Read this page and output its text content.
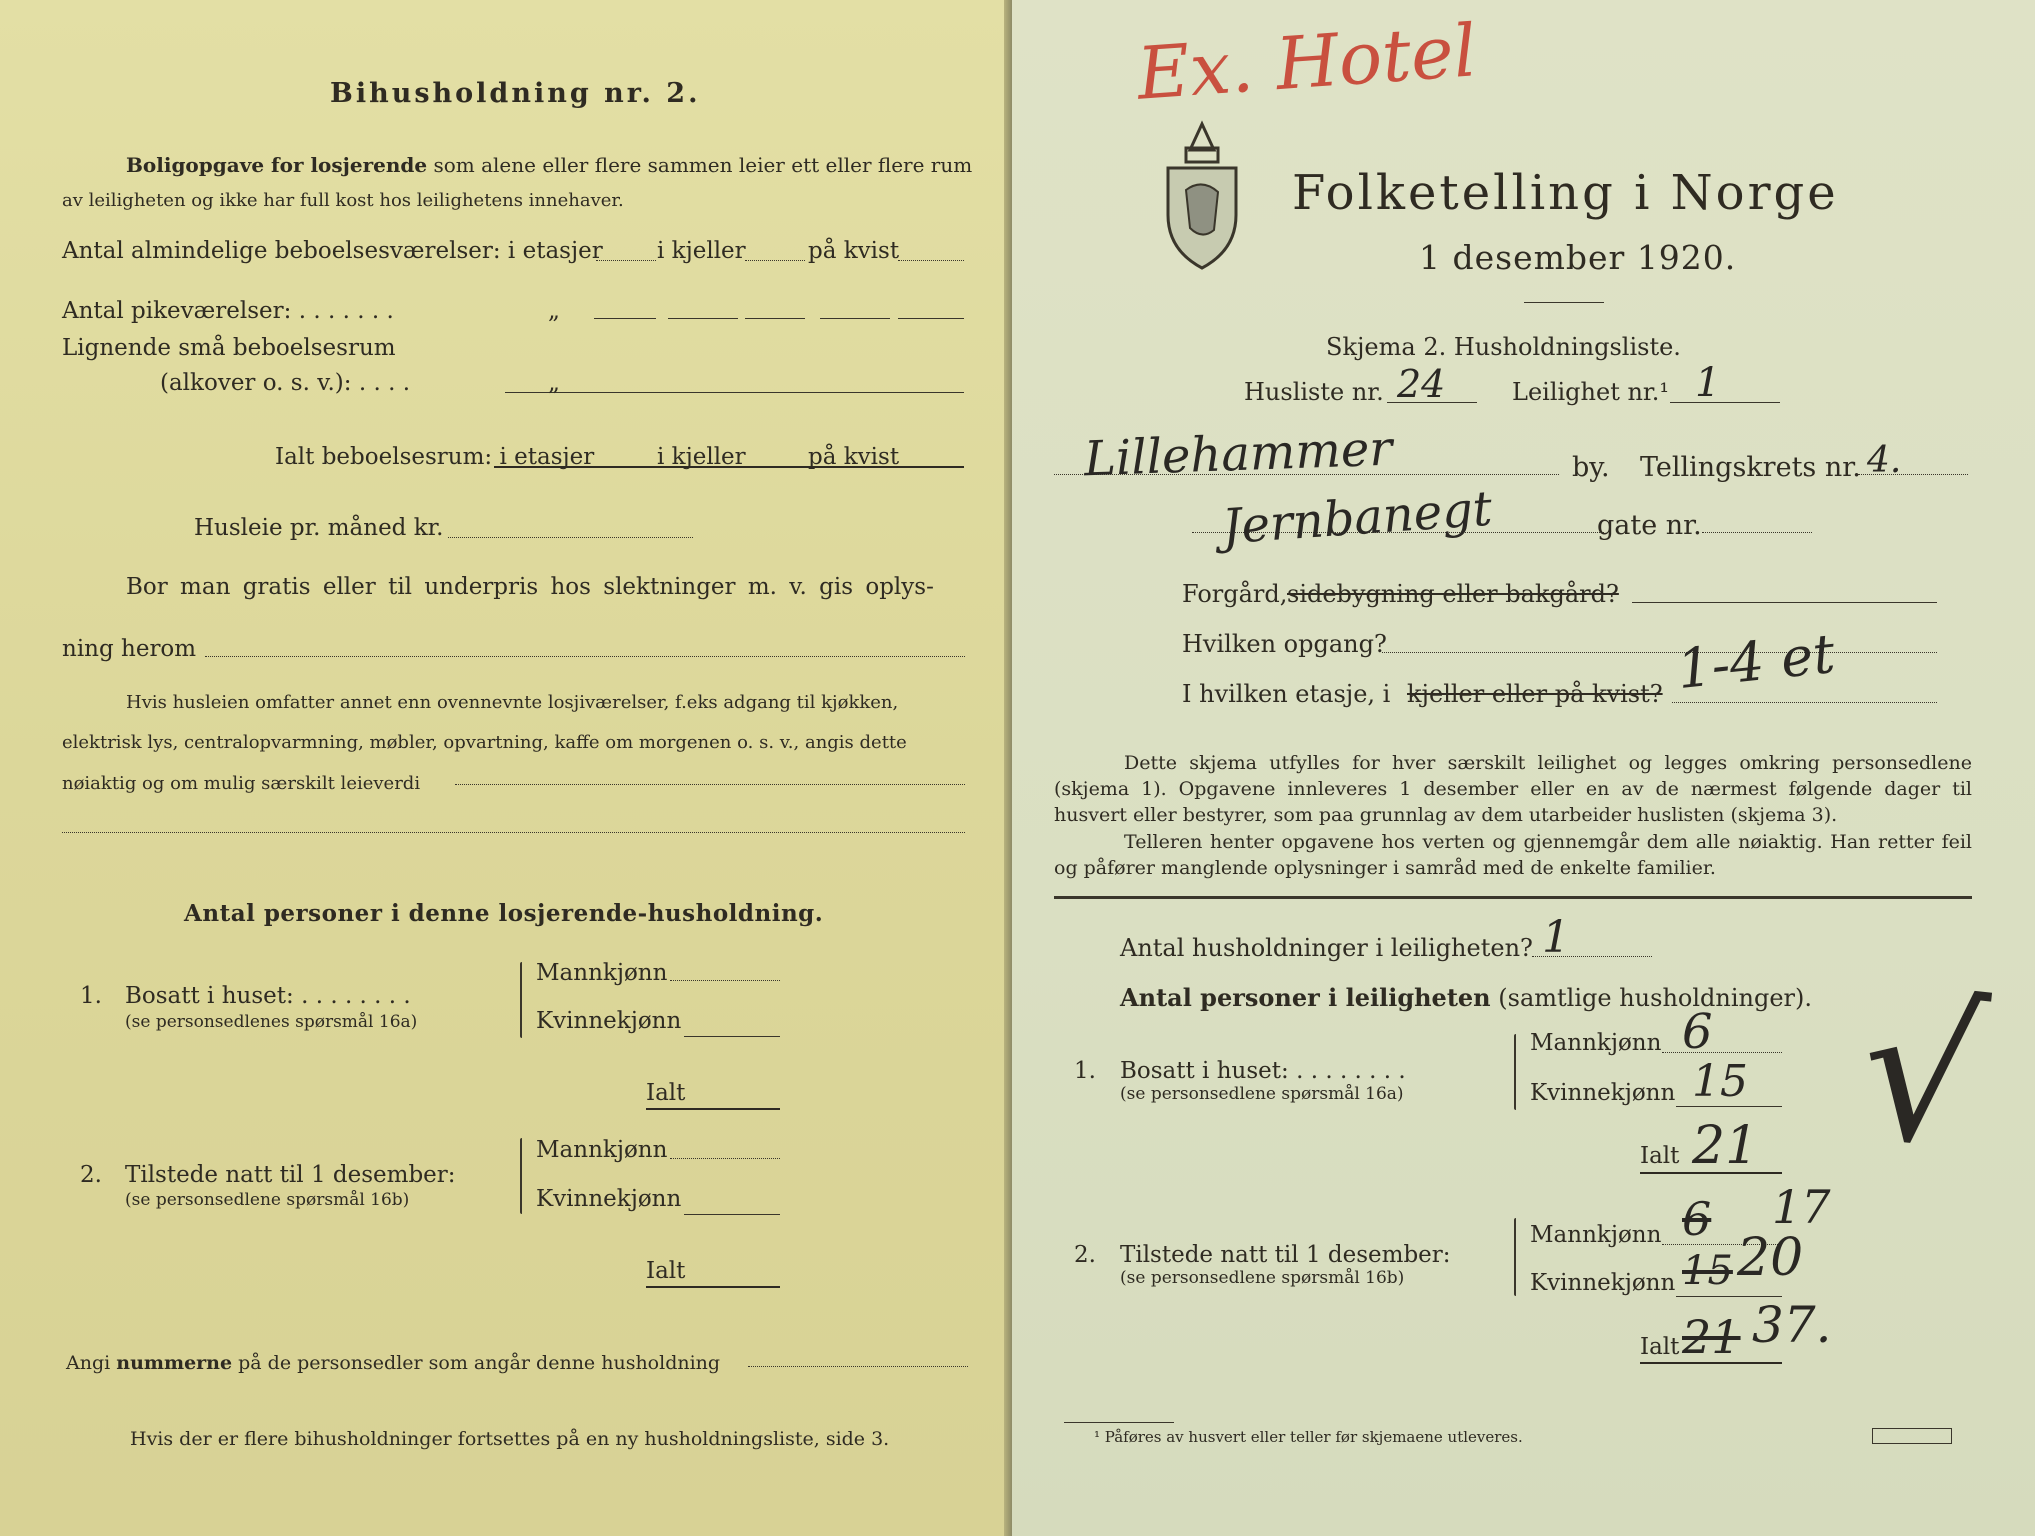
Bihusholdning nr. 2.
Boligopgave for losjerende som alene eller flere sammen leier ett eller flere rum
av leiligheten og ikke har full kost hos leilighetens innehaver.
Antal almindelige beboelsesværelser: i etasjer i kjeller	på kvist
Antal pikeværelser: . . . . . . .	„
Lignende små beboelsesrum
(alkover o. s. v.): . . . .	„
Ialt beboelsesrum: i etasjer	i kjeller	på kvist
Husleie pr. måned kr.
Bor man gratis eller til underpris hos slektninger m. v. gis oplys-
ning herom
Hvis husleien omfatter annet enn ovennevnte losjiværelser, f.eks adgang til kjøkken,
elektrisk lys, centralopvarmning, møbler, opvartning, kaffe om morgenen o. s. v., angis dette
nøiaktig og om mulig særskilt leieverdi
Antal personer i denne losjerende-husholdning.
1. Bosatt i huset: . . . . . . . .
(se personsedlenes spørsmål 16a)
Mannkjønn
Kvinnekjønn
Ialt
2. Tilstede natt til 1 desember:
(se personsedlene spørsmål 16b)
Mannkjønn
Kvinnekjønn
Ialt
Angi nummerne på de personsedler som angår denne husholdning
Hvis der er flere bihusholdninger fortsettes på en ny husholdningsliste, side 3.
Ex. Hotel
Folketelling i Norge
1 desember 1920.
Skjema 2. Husholdningsliste.
Husliste nr. 24	Leilighet nr.¹ 1
Lillehammer	by. Tellingskrets nr. 4.
Jernbanegt	gate nr.
Forgård, sidebygning eller bakgård?
Hvilken opgang?
I hvilken etasje, i kjeller eller på kvist? 1-4 et
Dette skjema utfylles for hver særskilt leilighet og legges omkring personsedlene (skjema 1). Opgavene innleveres 1 desember eller en av de nærmest følgende dager til husvert eller bestyrer, som paa grunnlag av dem utarbeider huslisten (skjema 3).
Telleren henter opgavene hos verten og gjennemgår dem alle nøiaktig. Han retter feil og påfører manglende oplysninger i samråd med de enkelte familier.
Antal husholdninger i leiligheten? 1
Antal personer i leiligheten (samtlige husholdninger).
1. Bosatt i huset: . . . . . . . .
(se personsedlene spørsmål 16a)
Mannkjønn 6
Kvinnekjønn 15
Ialt 21 √
2. Tilstede natt til 1 desember:
(se personsedlene spørsmål 16b)
Mannkjønn 6 17
Kvinnekjønn 15 20
Ialt 21 37.
¹ Påføres av husvert eller teller før skjemaene utleveres.
